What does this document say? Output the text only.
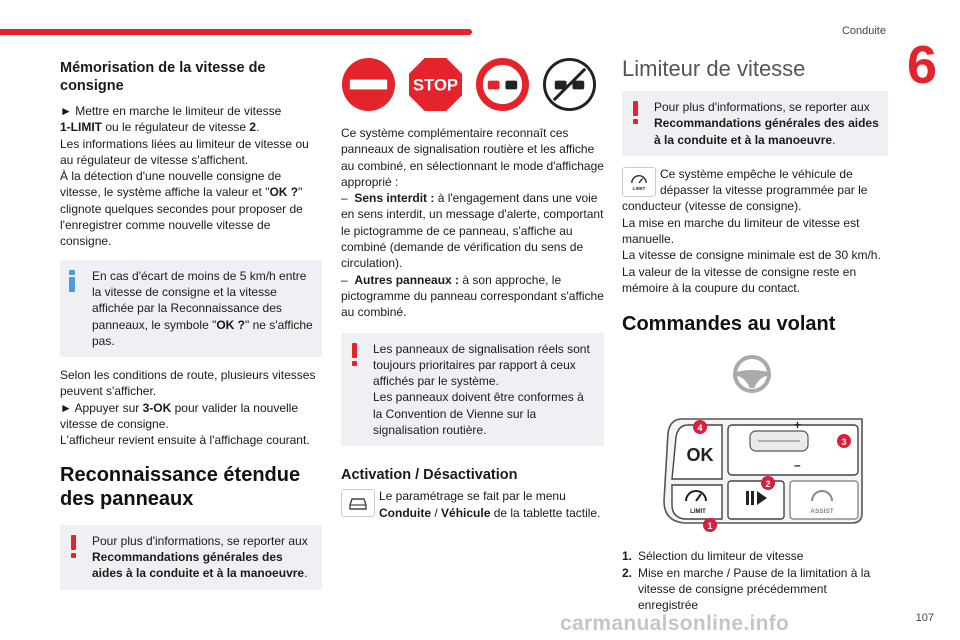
Conduite
6
Mémorisation de la vitesse de consigne

► Mettre en marche le limiteur de vitesse
1-LIMIT ou le régulateur de vitesse 2.
Les informations liées au limiteur de vitesse ou au régulateur de vitesse s'affichent.
À la détection d'une nouvelle consigne de vitesse, le système affiche la valeur et "OK ?" clignote quelques secondes pour proposer de l'enregistrer comme nouvelle vitesse de consigne.

En cas d'écart de moins de 5 km/h entre la vitesse de consigne et la vitesse affichée par la Reconnaissance des panneaux, le symbole "OK ?" ne s'affiche pas.

Selon les conditions de route, plusieurs vitesses peuvent s'afficher.
► Appuyer sur 3-OK pour valider la nouvelle vitesse de consigne.
L'afficheur revient ensuite à l'affichage courant.

Reconnaissance étendue des panneaux

Pour plus d'informations, se reporter aux Recommandations générales des aides à la conduite et à la manoeuvre.

STOP

Ce système complémentaire reconnaît ces panneaux de signalisation routière et les affiche au combiné, en sélectionnant le mode d'affichage approprié :

– Sens interdit : à l'engagement dans une voie en sens interdit, un message d'alerte, comportant le pictogramme de ce panneau, s'affiche au combiné (demande de vérification du sens de circulation).

– Autres panneaux : à son approche, le pictogramme du panneau correspondant s'affiche au combiné.

Les panneaux de signalisation réels sont toujours prioritaires par rapport à ceux affichés par le système.

Les panneaux doivent être conformes à la Convention de Vienne sur la signalisation routière.

Activation / Désactivation

Le paramétrage se fait par le menu Conduite / Véhicule de la tablette tactile.

Limiteur de vitesse

Pour plus d'informations, se reporter aux Recommandations générales des aides à la conduite et à la manoeuvre.

LIMIT

Ce système empêche le véhicule de dépasser la vitesse programmée par le conducteur (vitesse de consigne).

La mise en marche du limiteur de vitesse est manuelle.

La vitesse de consigne minimale est de 30 km/h.

La valeur de la vitesse de consigne reste en mémoire à la coupure du contact.

Commandes au volant

OK
+
–
LIMIT	ASSIST
1
2
3
4
1. Sélection du limiteur de vitesse
2. Mise en marche / Pause de la limitation à la vitesse de consigne précédemment enregistrée
carmanualsonline.info	107
